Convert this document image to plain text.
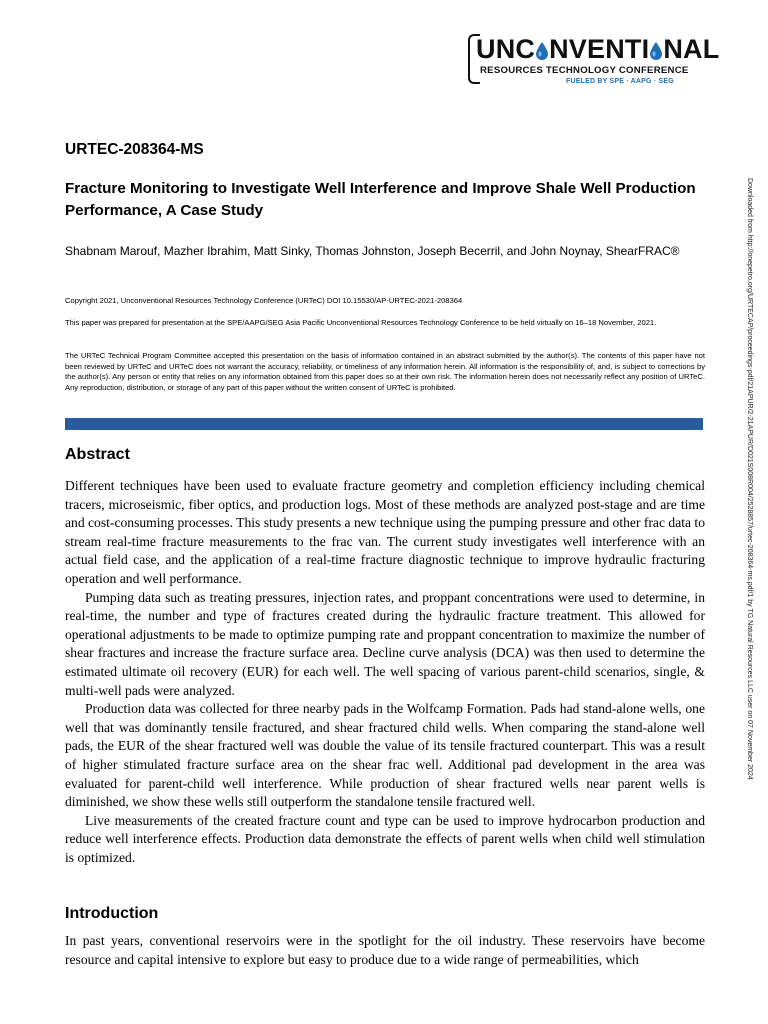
UNC NVENTI NAL
RESOURCES TECHNOLOGY CONFERENCE
FUELED BY SPE · AAPG · SEG
URTEC-208364-MS
Fracture Monitoring to Investigate Well Interference and Improve Shale Well Production Performance, A Case Study
Shabnam Marouf, Mazher Ibrahim, Matt Sinky, Thomas Johnston, Joseph Becerril, and John Noynay, ShearFRAC®
Copyright 2021, Unconventional Resources Technology Conference (URTeC) DOI 10.15530/AP-URTEC-2021-208364
This paper was prepared for presentation at the SPE/AAPG/SEG Asia Pacific Unconventional Resources Technology Conference to be held virtually on 16–18 November, 2021.
The URTeC Technical Program Committee accepted this presentation on the basis of information contained in an abstract submitted by the author(s). The contents of this paper have not been reviewed by URTeC and URTeC does not warrant the accuracy, reliability, or timeliness of any information herein. All information is the responsibility of, and, is subject to corrections by the author(s). Any person or entity that relies on any information obtained from this paper does so at their own risk. The information herein does not necessarily reflect any position of URTeC. Any reproduction, distribution, or storage of any part of this paper without the written consent of URTeC is prohibited.
Abstract

Different techniques have been used to evaluate fracture geometry and completion efficiency including chemical tracers, microseismic, fiber optics, and production logs. Most of these methods are analyzed post-stage and are time and cost-consuming processes. This study presents a new technique using the pumping pressure and other frac data to stream real-time fracture measurements to the frac van. The current study investigates well interference with an actual field case, and the application of a real-time fracture diagnostic technique to improve hydraulic fracturing operation and well performance.

Pumping data such as treating pressures, injection rates, and proppant concentrations were used to determine, in real-time, the number and type of fractures created during the hydraulic fracture treatment. This allowed for operational adjustments to be made to optimize pumping rate and proppant concentration to maximize the number of shear fractures and increase the fracture surface area. Decline curve analysis (DCA) was then used to determine the estimated ultimate oil recovery (EUR) for each well. The well spacing of various parent-child scenarios, single, & multi-well pads were analyzed.

Production data was collected for three nearby pads in the Wolfcamp Formation. Pads had stand-alone wells, one well that was dominantly tensile fractured, and shear fractured child wells. When comparing the stand-alone well pads, the EUR of the shear fractured well was double the value of its tensile fractured counterpart. This was a result of higher stimulated fracture surface area on the shear frac well. Additional pad development in the area was evaluated for parent-child well interference. While production of shear fractured wells near parent wells is diminished, we show these wells still outperform the standalone tensile fractured well.

Live measurements of the created fracture count and type can be used to improve hydrocarbon production and reduce well interference effects. Production data demonstrate the effects of parent wells when child well stimulation is optimized.

Introduction

In past years, conventional reservoirs were in the spotlight for the oil industry. These reservoirs have become resource and capital intensive to explore but easy to produce due to a wide range of permeabilities, which

Downloaded from http://onepetro.org/URTECAP/proceedings-pdf/21APUR/2-21APUR/D021S008R004/2528857/urtec-208364-ms.pdf/1 by TG Natural Resources LLC user on 07 November 2024
